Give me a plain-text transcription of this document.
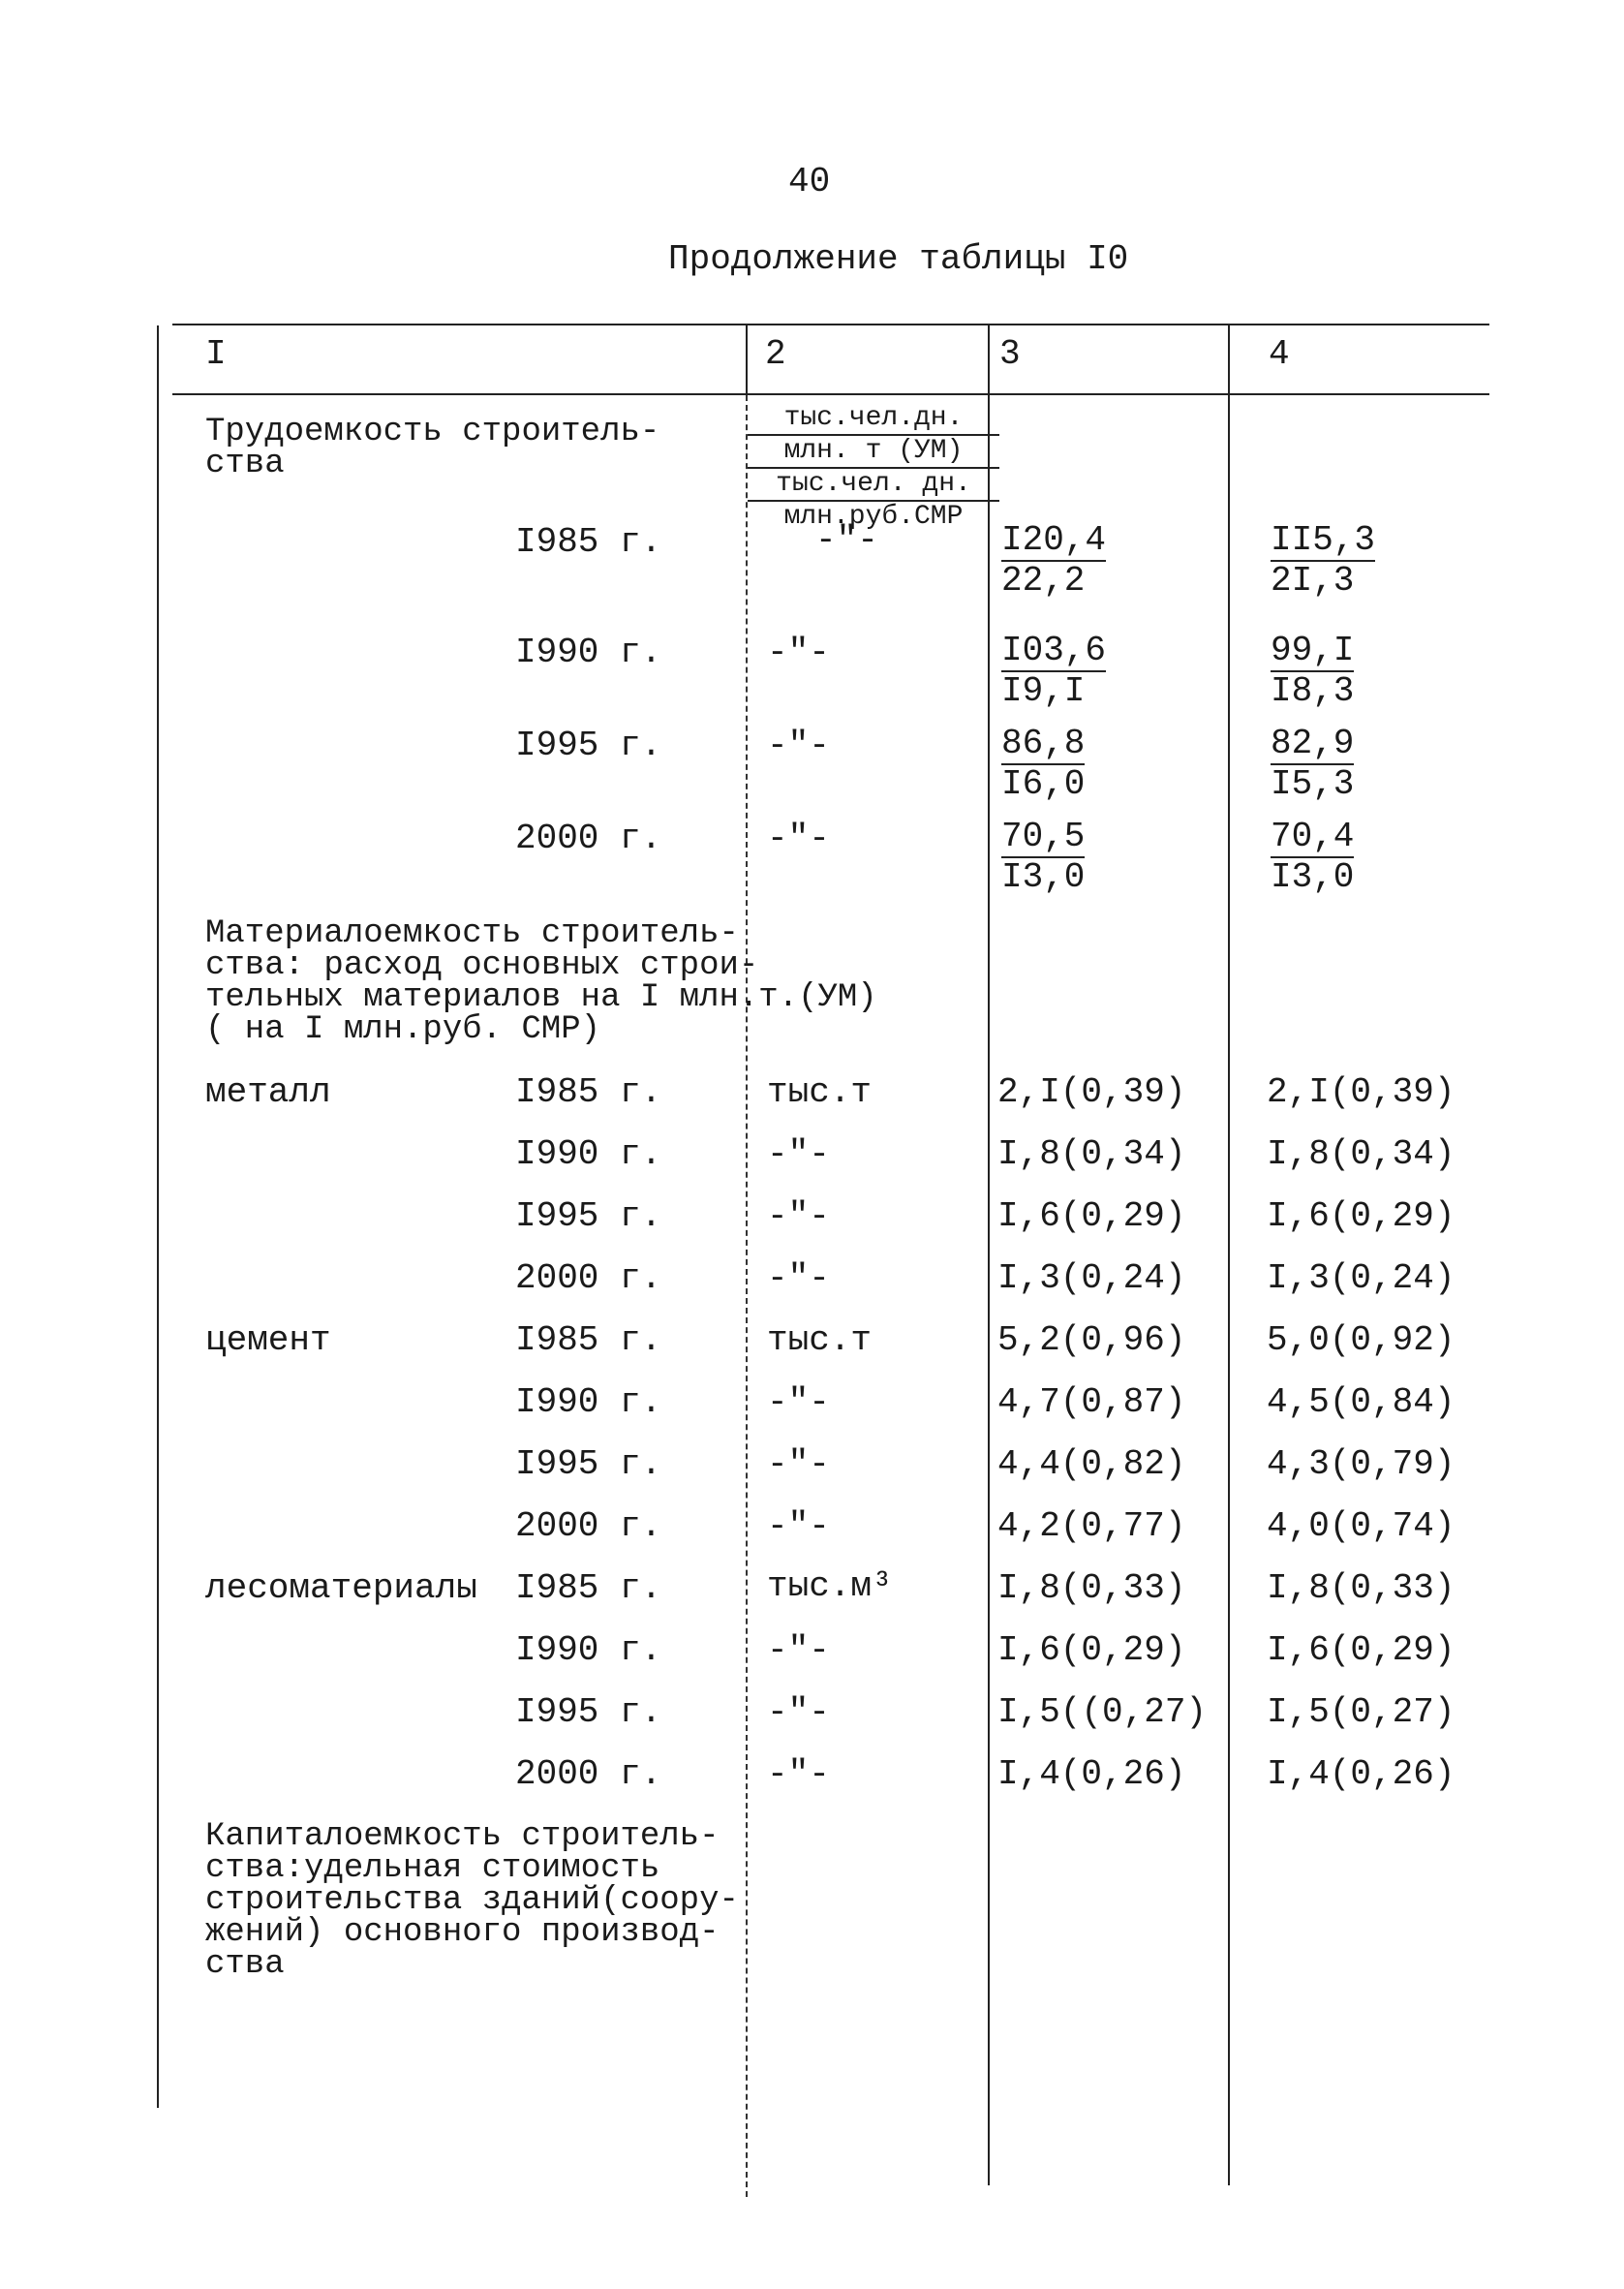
40
Продолжение таблицы I0
I	2	3	4
Трудоемкость строитель-
ства
тыс.чел.дн.
млн. т (УМ)
тыс.чел. дн.
млн.руб.СМР
I985 г.	-"-	$\frac{I20,4}{22,2}$	$\frac{II5,3}{2I,3}$
I990 г.	-"-	$\frac{I03,6}{I9,I}$	$\frac{99,I}{I8,3}$
I995 г.	-"-	$\frac{86,8}{I6,0}$	$\frac{82,9}{I5,3}$
2000 г.	-"-	$\frac{70,5}{I3,0}$	$\frac{70,4}{I3,0}$
Материалоемкость строитель-
ства: расход основных строи-
тельных материалов на I млн.т.(УМ)
( на I млн.руб. СМР)
металл	I985 г.	тыс.т	2,I(0,39) 2,I(0,39)
I990 г.	-"-	I,8(0,34) I,8(0,34)
I995 г.	-"-	I,6(0,29) I,6(0,29)
2000 г.	-"-	I,3(0,24) I,3(0,24)
цемент	I985 г.	тыс.т	5,2(0,96) 5,0(0,92)
I990 г.	-"-	4,7(0,87) 4,5(0,84)
I995 г.	-"-	4,4(0,82) 4,3(0,79)
2000 г.	-"-	4,2(0,77) 4,0(0,74)
лесоматериалы I985 г.	тыс.м³	I,8(0,33) I,8(0,33)
I990 г.	-"-	I,6(0,29) I,6(0,29)
I995 г.	-"-	I,5((0,27) I,5(0,27)
2000 г.	-"-	I,4(0,26) I,4(0,26)
Капиталоемкость строитель-
ства:удельная стоимость
строительства зданий(соору-
жений) основного производ-
ства
